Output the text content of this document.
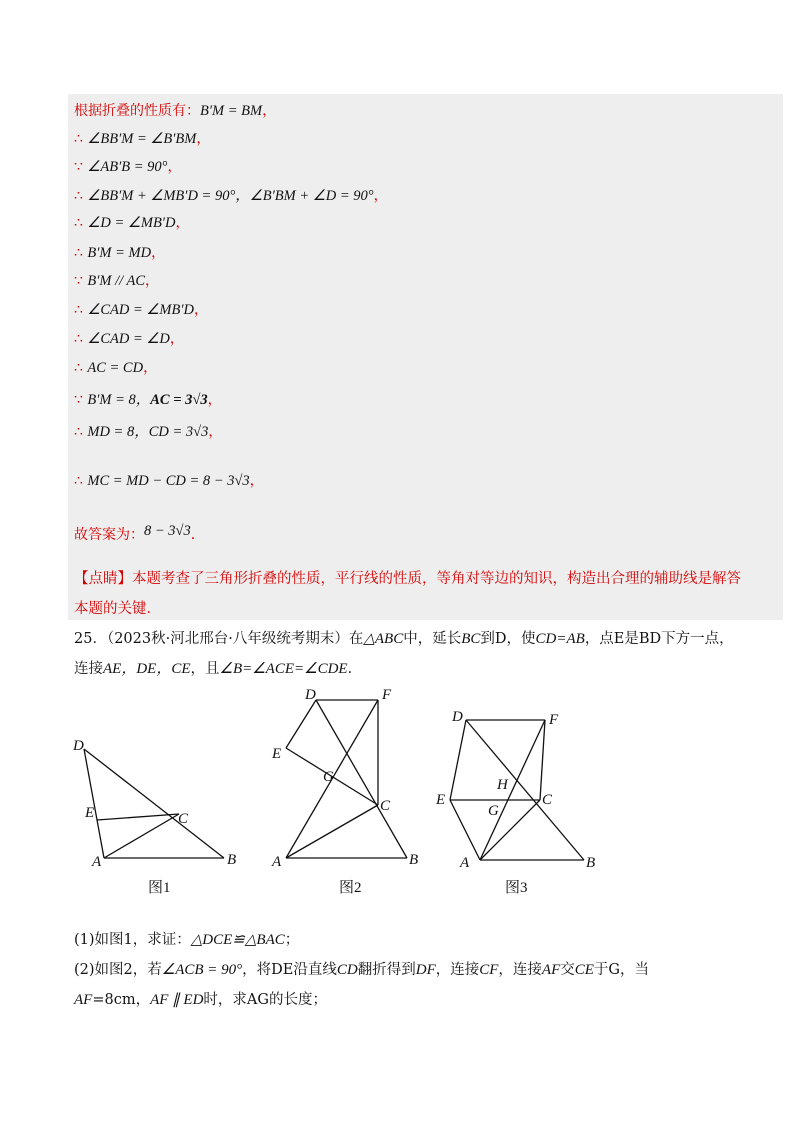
根据折叠的性质有：B′M = BM，
∴ ∠BB′M = ∠B′BM，
∵ ∠AB′B = 90°，
∴ ∠BB′M + ∠MB′D = 90°，∠B′BM + ∠D = 90°，
∴ ∠D = ∠MB′D，
∴ B′M = MD，
∵ B′M // AC，
∴ ∠CAD = ∠MB′D，
∴ ∠CAD = ∠D，
∴ AC = CD，
∵ B′M = 8，AC = 3√3，
∴ MD = 8，CD = 3√3，
∴ MC = MD − CD = 8 − 3√3，
故答案为：8 − 3√3．
【点睛】本题考查了三角形折叠的性质，平行线的性质，等角对等边的知识，构造出合理的辅助线是解答
本题的关键．
25．（2023秋·河北邢台·八年级统考期末）在△ABC中，延长BC到D，使CD=AB，点E是BD下方一点，
连接AE，DE，CE，且∠B=∠ACE=∠CDE．
D
E	C
A	B
图1
D	F
E
G
C
A	B
图2
D	F
H
E
G
C
A	B
图3
(1)如图1，求证：△DCE≌△BAC；
(2)如图2，若∠ACB = 90°，将DE沿直线CD翻折得到DF，连接CF，连接AF交CE于G，当
AF=8cm，AF ∥ ED时，求AG的长度；
